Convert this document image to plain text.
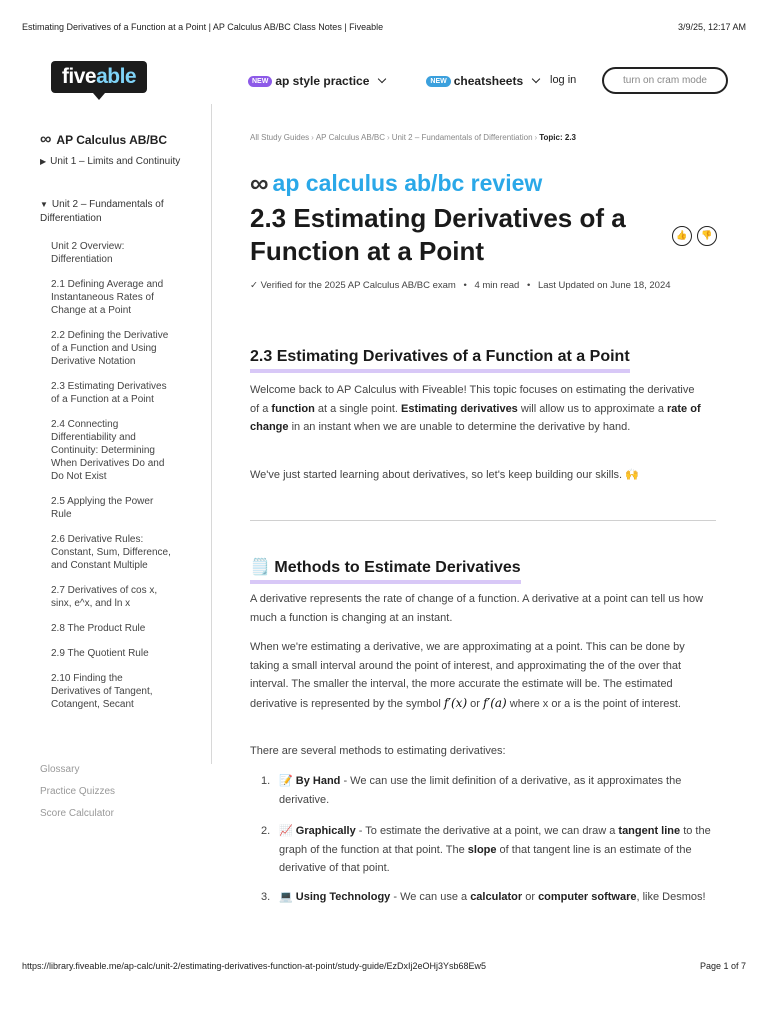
Estimating Derivatives of a Function at a Point | AP Calculus AB/BC Class Notes | Fiveable	3/9/25, 12:17 AM
fiveable	NEW ap style practice	NEW cheatsheets log in	turn on cram mode
∞ AP Calculus AB/BC
▶ Unit 1 – Limits and Continuity
▼ Unit 2 – Fundamentals of Differentiation
Unit 2 Overview: Differentiation
2.1 Defining Average and Instantaneous Rates of Change at a Point
2.2 Defining the Derivative of a Function and Using Derivative Notation
2.3 Estimating Derivatives of a Function at a Point
2.4 Connecting Differentiability and Continuity: Determining When Derivatives Do and Do Not Exist
2.5 Applying the Power Rule
2.6 Derivative Rules: Constant, Sum, Difference, and Constant Multiple
2.7 Derivatives of cos x, sinx, e^x, and ln x
2.8 The Product Rule
2.9 The Quotient Rule
2.10 Finding the Derivatives of Tangent, Cotangent, Secant
Glossary
Practice Quizzes
Score Calculator
All Study Guides › AP Calculus AB/BC › Unit 2 – Fundamentals of Differentiation › Topic: 2.3
∞ ap calculus ab/bc review
2.3 Estimating Derivatives of a Function at a Point
👍	👎
✓ Verified for the 2025 AP Calculus AB/BC exam • 4 min read • Last Updated on June 18, 2024
2.3 Estimating Derivatives of a Function at a Point

Welcome back to AP Calculus with Fiveable! This topic focuses on estimating the derivative of a function at a single point. Estimating derivatives will allow us to approximate a rate of change in an instant when we are unable to determine the derivative by hand.

We've just started learning about derivatives, so let's keep building our skills. 🙌

🗒️ Methods to Estimate Derivatives

A derivative represents the rate of change of a function. A derivative at a point can tell us how much a function is changing at an instant.

When we're estimating a derivative, we are approximating at a point. This can be done by taking a small interval around the point of interest, and approximating the of the over that interval. The smaller the interval, the more accurate the estimate will be. The estimated derivative is represented by the symbol f′(x) or f′(a) where x or a is the point of interest.

There are several methods to estimating derivatives:

1. 📝 By Hand - We can use the limit definition of a derivative, as it approximates the derivative.
2. 📈 Graphically - To estimate the derivative at a point, we can draw a tangent line to the graph of the function at that point. The slope of that tangent line is an estimate of the derivative of that point.
3. 💻 Using Technology - We can use a calculator or computer software, like Desmos!
https://library.fiveable.me/ap-calc/unit-2/estimating-derivatives-function-at-point/study-guide/EzDxIj2eOHj3Ysb68Ew5	Page 1 of 7
